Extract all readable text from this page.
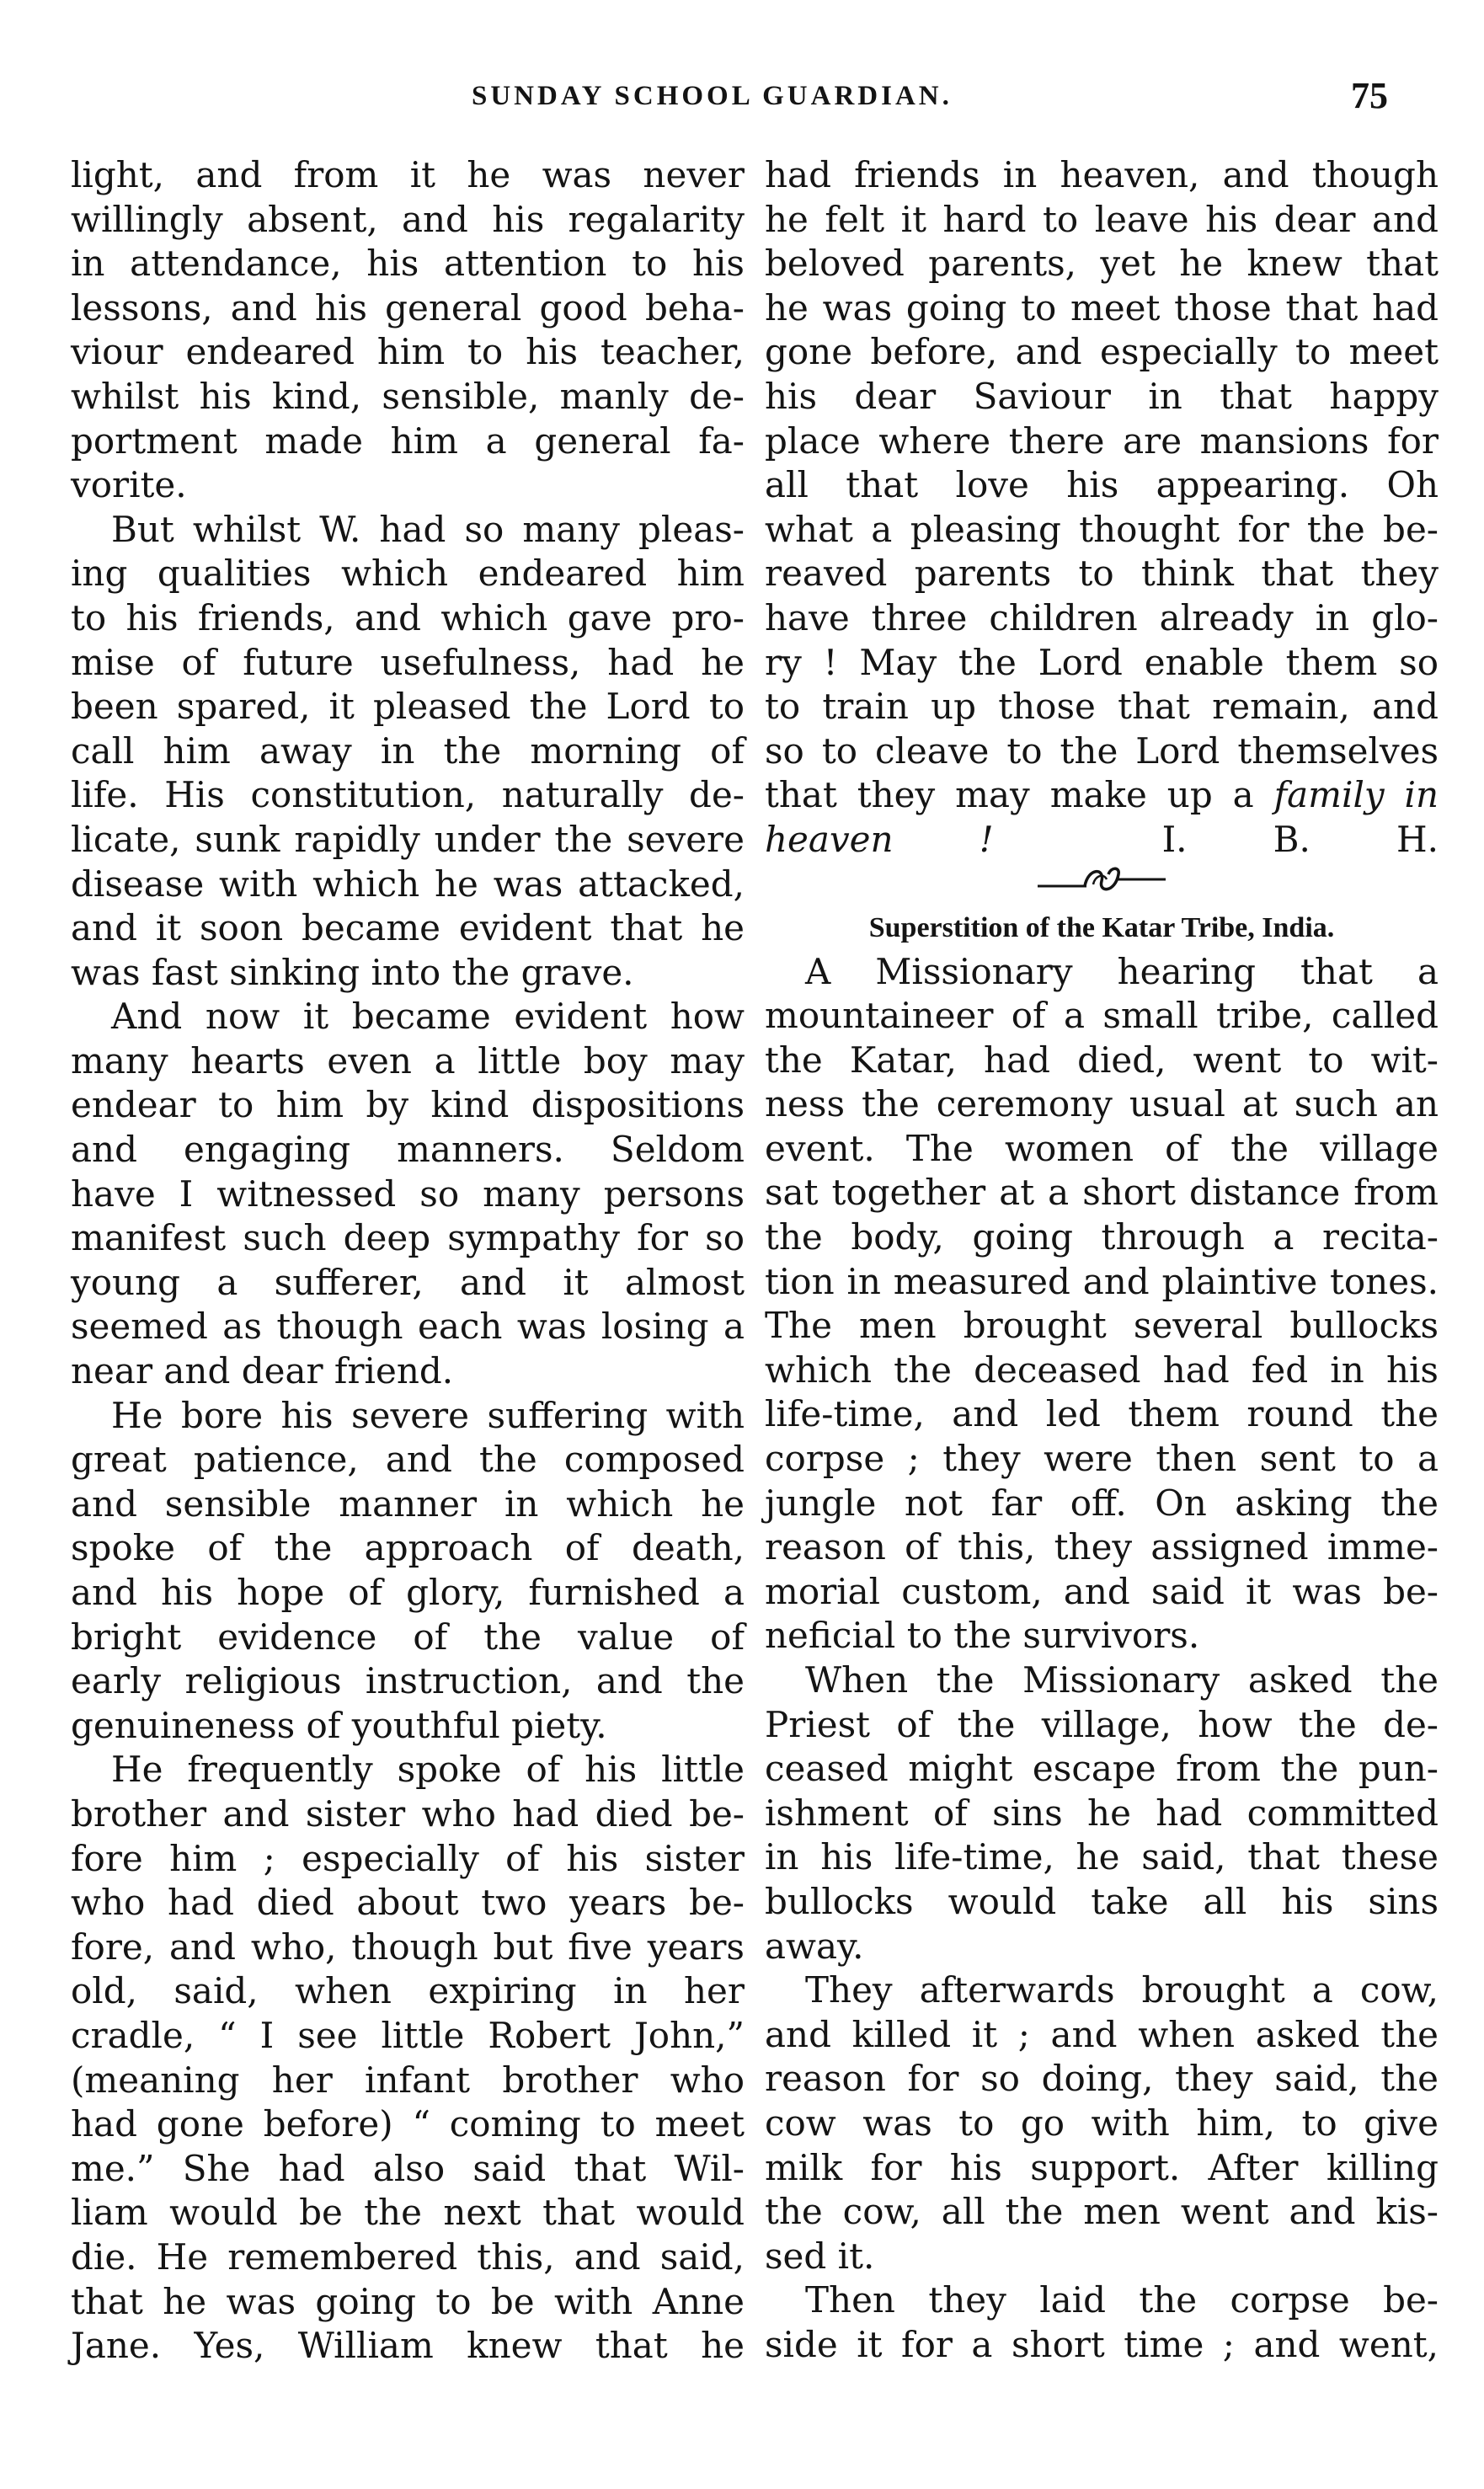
SUNDAY SCHOOL GUARDIAN.	75
light, and from it he was never
willingly absent, and his regalarity
in attendance, his attention to his
lessons, and his general good beha-
viour endeared him to his teacher,
whilst his kind, sensible, manly de-
portment made him a general fa-
vorite.
But whilst W. had so many pleas-
ing qualities which endeared him
to his friends, and which gave pro-
mise of future usefulness, had he
been spared, it pleased the Lord to
call him away in the morning of
life. His constitution, naturally de-
licate, sunk rapidly under the severe
disease with which he was attacked,
and it soon became evident that he
was fast sinking into the grave.
And now it became evident how
many hearts even a little boy may
endear to him by kind dispositions
and engaging manners. Seldom
have I witnessed so many persons
manifest such deep sympathy for so
young a sufferer, and it almost
seemed as though each was losing a
near and dear friend.
He bore his severe suffering with
great patience, and the composed
and sensible manner in which he
spoke of the approach of death,
and his hope of glory, furnished a
bright evidence of the value of
early religious instruction, and the
genuineness of youthful piety.
He frequently spoke of his little
brother and sister who had died be-
fore him ; especially of his sister
who had died about two years be-
fore, and who, though but five years
old, said, when expiring in her
cradle, “ I see little Robert John,”
(meaning her infant brother who
had gone before) “ coming to meet
me.” She had also said that Wil-
liam would be the next that would
die. He remembered this, and said,
that he was going to be with Anne
Jane. Yes, William knew that he
had friends in heaven, and though
he felt it hard to leave his dear and
beloved parents, yet he knew that
he was going to meet those that had
gone before, and especially to meet
his dear Saviour in that happy
place where there are mansions for
all that love his appearing. Oh
what a pleasing thought for the be-
reaved parents to think that they
have three children already in glo-
ry ! May the Lord enable them so
to train up those that remain, and
so to cleave to the Lord themselves
that they may make up a family in
heaven !	I. B. H.
Superstition of the Katar Tribe, India.
A Missionary hearing that a
mountaineer of a small tribe, called
the Katar, had died, went to wit-
ness the ceremony usual at such an
event. The women of the village
sat together at a short distance from
the body, going through a recita-
tion in measured and plaintive tones.
The men brought several bullocks
which the deceased had fed in his
life-time, and led them round the
corpse ; they were then sent to a
jungle not far off. On asking the
reason of this, they assigned imme-
morial custom, and said it was be-
neficial to the survivors.
When the Missionary asked the
Priest of the village, how the de-
ceased might escape from the pun-
ishment of sins he had committed
in his life-time, he said, that these
bullocks would take all his sins
away.
They afterwards brought a cow,
and killed it ; and when asked the
reason for so doing, they said, the
cow was to go with him, to give
milk for his support. After killing
the cow, all the men went and kis-
sed it.
Then they laid the corpse be-
side it for a short time ; and went,
